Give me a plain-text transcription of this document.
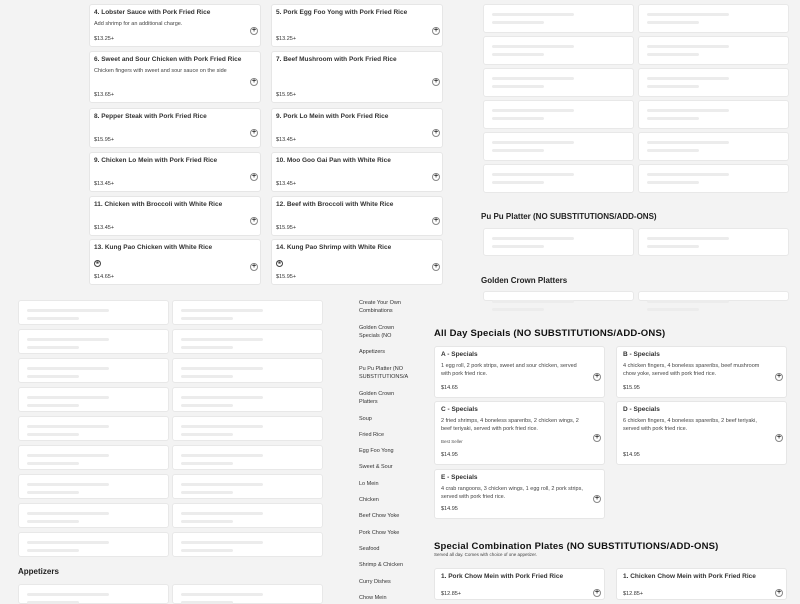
4. Lobster Sauce with Pork Fried Rice
Add shrimp for an additional charge.
$13.25+
+
6. Sweet and Sour Chicken with Pork Fried Rice
Chicken fingers with sweet and sour sauce on the side
$13.65+
+
8. Pepper Steak with Pork Fried Rice
$15.95+
+
9. Chicken Lo Mein with Pork Fried Rice
$13.45+
+
11. Chicken with Broccoli with White Rice
$13.45+
+
13. Kung Pao Chicken with White Rice
❀
$14.65+
+
5. Pork Egg Foo Yong with Pork Fried Rice
$13.25+
+
7. Beef Mushroom with Pork Fried Rice
$15.95+
+
9. Pork Lo Mein with Pork Fried Rice
$13.45+
+
10. Moo Goo Gai Pan with White Rice
$13.45+
+
12. Beef with Broccoli with White Rice
$15.95+
+
14. Kung Pao Shrimp with White Rice
❀
$15.95+
+
Pu Pu Platter (NO SUBSTITUTIONS/ADD-ONS)
Golden Crown Platters
Appetizers
Create Your Own Combinations
Golden Crown Specials (NO
Appetizers
Pu Pu Platter (NO SUBSTITUTIONS/A
Golden Crown Platters
Soup
Fried Rice
Egg Foo Yong
Sweet & Sour
Lo Mein
Chicken
Beef Chow Yoke
Pork Chow Yoke
Seafood
Shrimp & Chicken
Curry Dishes
Chow Mein
All Day Specials (NO SUBSTITUTIONS/ADD-ONS)
A - Specials
1 egg roll, 2 pork strips, sweet and sour chicken, served with pork fried rice.
$14.65
+
B - Specials
4 chicken fingers, 4 boneless spareribs, beef mushroom chow yoke, served with pork fried rice.
$15.95
+
C - Specials
2 fried shrimps, 4 boneless spareribs, 2 chicken wings, 2 beef teriyaki, served with pork fried rice.
Best Seller
$14.95
+
D - Specials
6 chicken fingers, 4 boneless spareribs, 2 beef teriyaki, served with pork fried rice.
$14.95
+
E - Specials
4 crab rangoons, 3 chicken wings, 1 egg roll, 2 pork strips, served with pork fried rice.
$14.95
+
Special Combination Plates (NO SUBSTITUTIONS/ADD-ONS)
Served all day. Comes with choice of one appetizer.
1. Pork Chow Mein with Pork Fried Rice
$12.85+	+
1. Chicken Chow Mein with Pork Fried Rice
$12.85+	+
